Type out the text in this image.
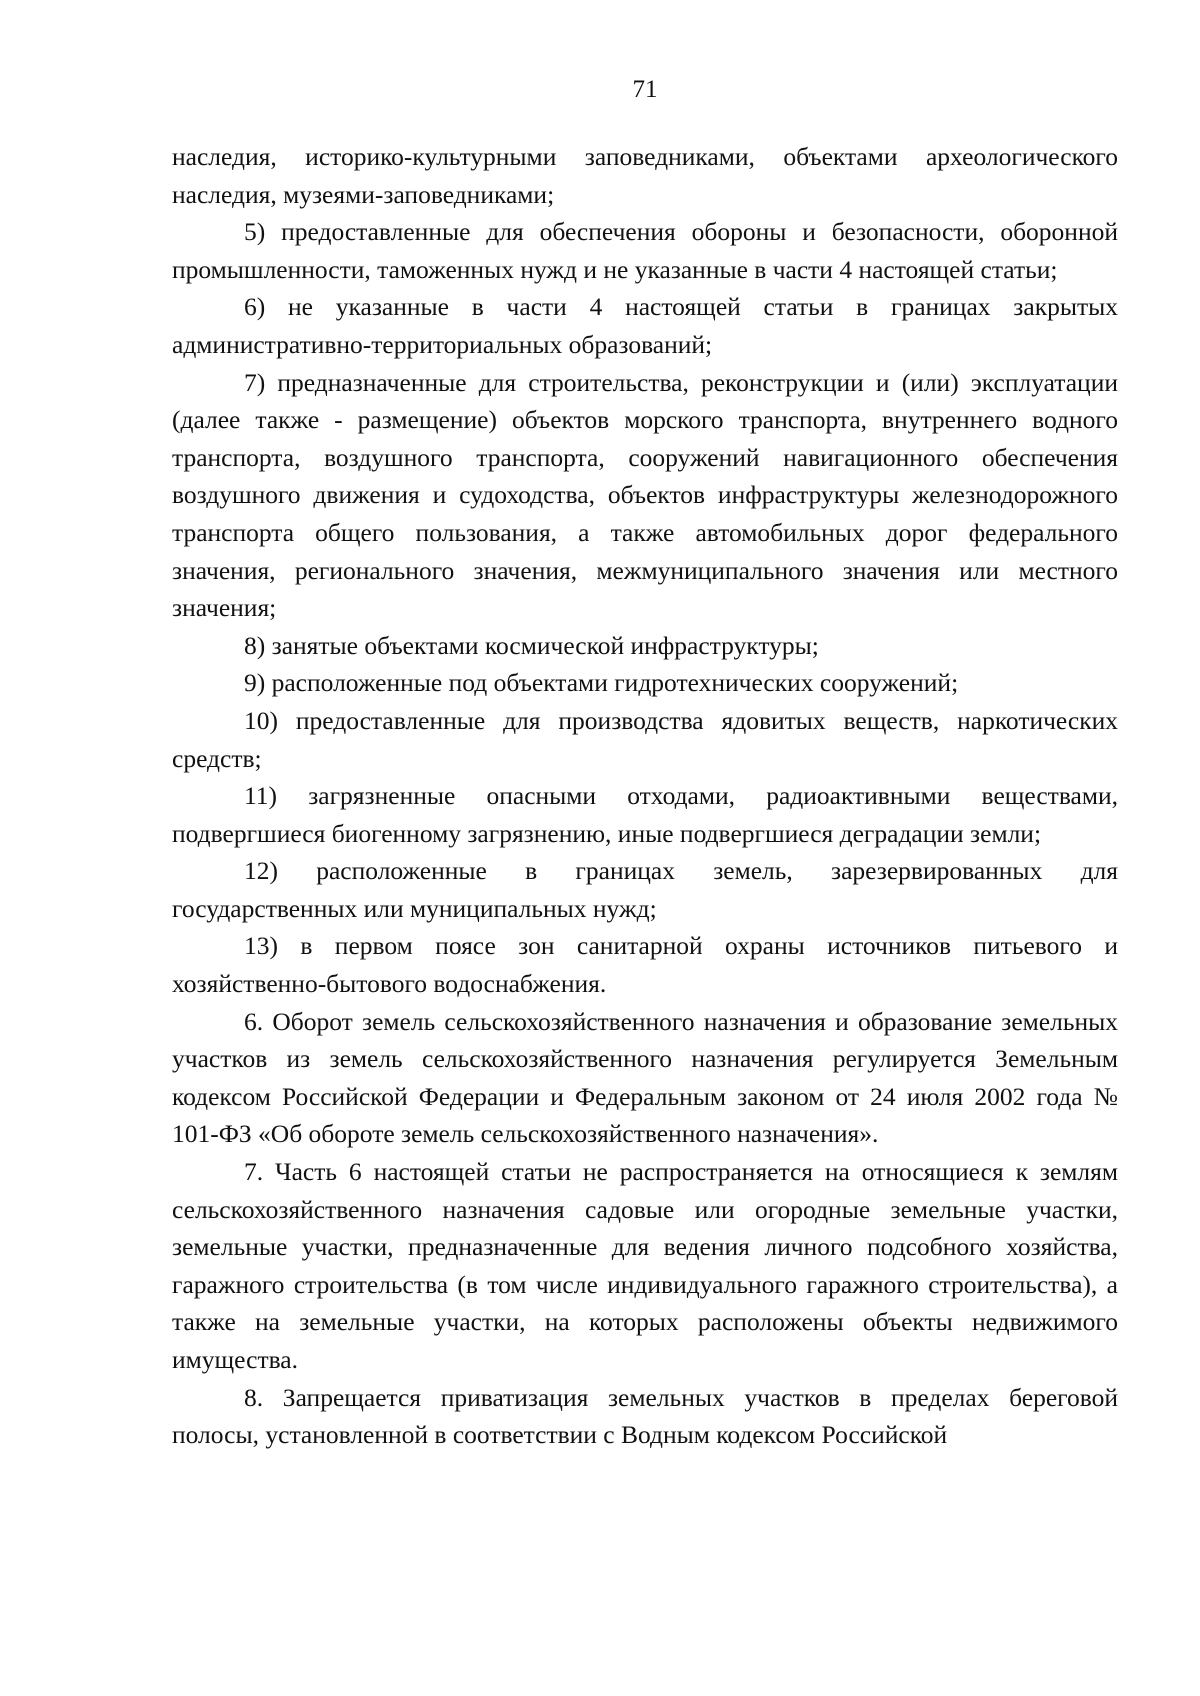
71

наследия, историко-культурными заповедниками, объектами археологического наследия, музеями-заповедниками;

5) предоставленные для обеспечения обороны и безопасности, оборонной промышленности, таможенных нужд и не указанные в части 4 настоящей статьи;

6) не указанные в части 4 настоящей статьи в границах закрытых административно-территориальных образований;

7) предназначенные для строительства, реконструкции и (или) эксплуатации (далее также - размещение) объектов морского транспорта, внутреннего водного транспорта, воздушного транспорта, сооружений навигационного обеспечения воздушного движения и судоходства, объектов инфраструктуры железнодорожного транспорта общего пользования, а также автомобильных дорог федерального значения, регионального значения, межмуниципального значения или местного значения;

8) занятые объектами космической инфраструктуры;

9) расположенные под объектами гидротехнических сооружений;

10) предоставленные для производства ядовитых веществ, наркотических средств;

11) загрязненные опасными отходами, радиоактивными веществами, подвергшиеся биогенному загрязнению, иные подвергшиеся деградации земли;

12) расположенные в границах земель, зарезервированных для государственных или муниципальных нужд;

13) в первом поясе зон санитарной охраны источников питьевого и хозяйственно-бытового водоснабжения.

6. Оборот земель сельскохозяйственного назначения и образование земельных участков из земель сельскохозяйственного назначения регулируется Земельным кодексом Российской Федерации и Федеральным законом от 24 июля 2002 года № 101-ФЗ «Об обороте земель сельскохозяйственного назначения».

7. Часть 6 настоящей статьи не распространяется на относящиеся к землям сельскохозяйственного назначения садовые или огородные земельные участки, земельные участки, предназначенные для ведения личного подсобного хозяйства, гаражного строительства (в том числе индивидуального гаражного строительства), а также на земельные участки, на которых расположены объекты недвижимого имущества.

8. Запрещается приватизация земельных участков в пределах береговой полосы, установленной в соответствии с Водным кодексом Российской
